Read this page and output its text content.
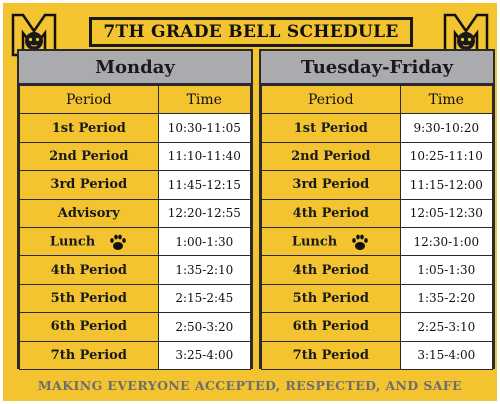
7TH GRADE BELL SCHEDULE
Monday
Period	Time
1st Period	10:30-11:05
2nd Period	11:10-11:40
3rd Period	11:45-12:15
Advisory	12:20-12:55
Lunch	1:00-1:30
4th Period	1:35-2:10
5th Period	2:15-2:45
6th Period	2:50-3:20
7th Period	3:25-4:00
Tuesday-Friday
Period	Time
1st Period	9:30-10:20
2nd Period	10:25-11:10
3rd Period	11:15-12:00
4th Period	12:05-12:30
Lunch	12:30-1:00
4th Period	1:05-1:30
5th Period	1:35-2:20
6th Period	2:25-3:10
7th Period	3:15-4:00
MAKING EVERYONE ACCEPTED, RESPECTED, AND SAFE
